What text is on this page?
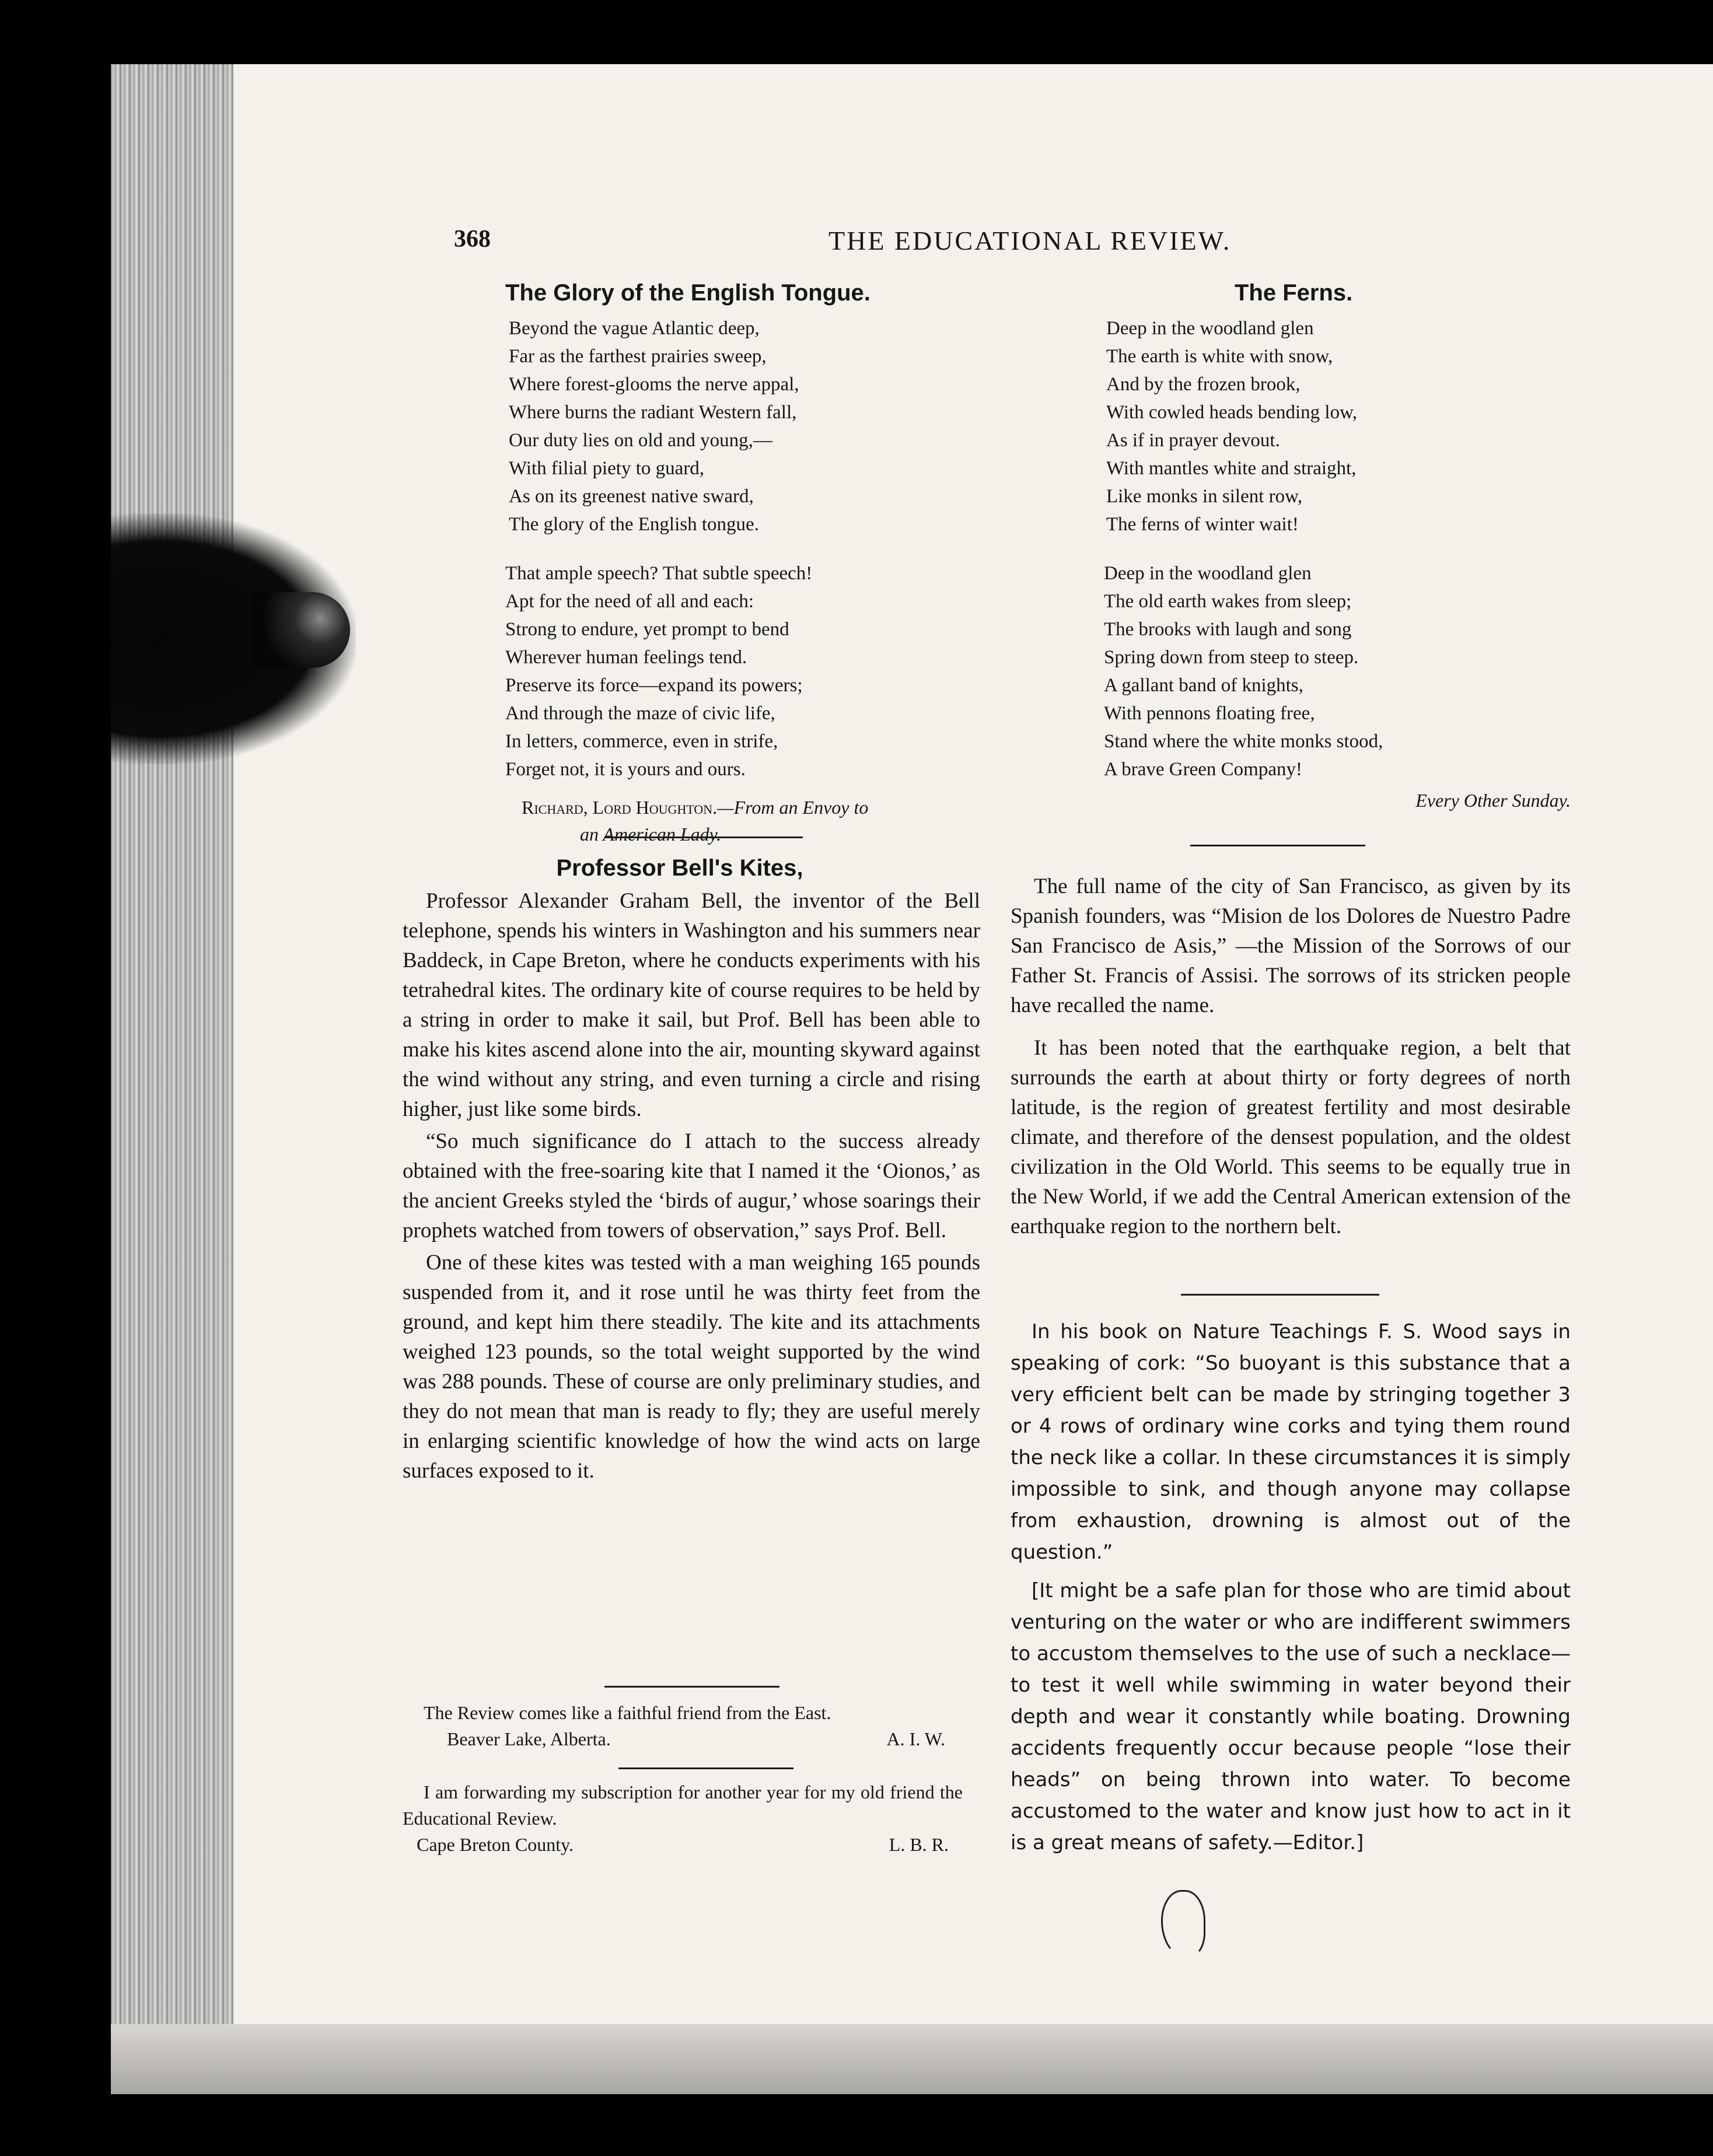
368	THE EDUCATIONAL REVIEW.
The Glory of the English Tongue.
Beyond the vague Atlantic deep,
Far as the farthest prairies sweep,
Where forest-glooms the nerve appal,
Where burns the radiant Western fall,
Our duty lies on old and young,—
With filial piety to guard,
As on its greenest native sward,
The glory of the English tongue.
That ample speech? That subtle speech!
Apt for the need of all and each:
Strong to endure, yet prompt to bend
Wherever human feelings tend.
Preserve its force—expand its powers;
And through the maze of civic life,
In letters, commerce, even in strife,
Forget not, it is yours and ours.
Richard, Lord Houghton.—From an Envoy to
an American Lady.
Professor Bell's Kites,

Professor Alexander Graham Bell, the inventor of the Bell telephone, spends his winters in Washington and his summers near Baddeck, in Cape Breton, where he conducts experiments with his tetrahedral kites. The ordinary kite of course requires to be held by a string in order to make it sail, but Prof. Bell has been able to make his kites ascend alone into the air, mounting skyward against the wind without any string, and even turning a circle and rising higher, just like some birds.

“So much significance do I attach to the success already obtained with the free-soaring kite that I named it the ‘Oionos,’ as the ancient Greeks styled the ‘birds of augur,’ whose soarings their prophets watched from towers of observation,” says Prof. Bell.

One of these kites was tested with a man weighing 165 pounds suspended from it, and it rose until he was thirty feet from the ground, and kept him there steadily. The kite and its attachments weighed 123 pounds, so the total weight supported by the wind was 288 pounds. These of course are only preliminary studies, and they do not mean that man is ready to fly; they are useful merely in enlarging scientific knowledge of how the wind acts on large surfaces exposed to it.

The Review comes like a faithful friend from the East.
Beaver Lake, Alberta.	A. I. W.
I am forwarding my subscription for another year for my old friend the Educational Review.
Cape Breton County.	L. B. R.
The Ferns.
Deep in the woodland glen
The earth is white with snow,
And by the frozen brook,
With cowled heads bending low,
As if in prayer devout.
With mantles white and straight,
Like monks in silent row,
The ferns of winter wait!
Deep in the woodland glen
The old earth wakes from sleep;
The brooks with laugh and song
Spring down from steep to steep.
A gallant band of knights,
With pennons floating free,
Stand where the white monks stood,
A brave Green Company!
Every Other Sunday.

The full name of the city of San Francisco, as given by its Spanish founders, was “Mision de los Dolores de Nuestro Padre San Francisco de Asis,” —the Mission of the Sorrows of our Father St. Francis of Assisi. The sorrows of its stricken people have recalled the name.

It has been noted that the earthquake region, a belt that surrounds the earth at about thirty or forty degrees of north latitude, is the region of greatest fertility and most desirable climate, and therefore of the densest population, and the oldest civilization in the Old World. This seems to be equally true in the New World, if we add the Central American extension of the earthquake region to the northern belt.

In his book on Nature Teachings F. S. Wood says in speaking of cork: “So buoyant is this substance that a very efficient belt can be made by stringing together 3 or 4 rows of ordinary wine corks and tying them round the neck like a collar. In these circumstances it is simply impossible to sink, and though anyone may collapse from exhaustion, drowning is almost out of the question.”

[It might be a safe plan for those who are timid about venturing on the water or who are indifferent swimmers to accustom themselves to the use of such a necklace—to test it well while swimming in water beyond their depth and wear it constantly while boating. Drowning accidents frequently occur because people “lose their heads” on being thrown into water. To become accustomed to the water and know just how to act in it is a great means of safety.—Editor.]
